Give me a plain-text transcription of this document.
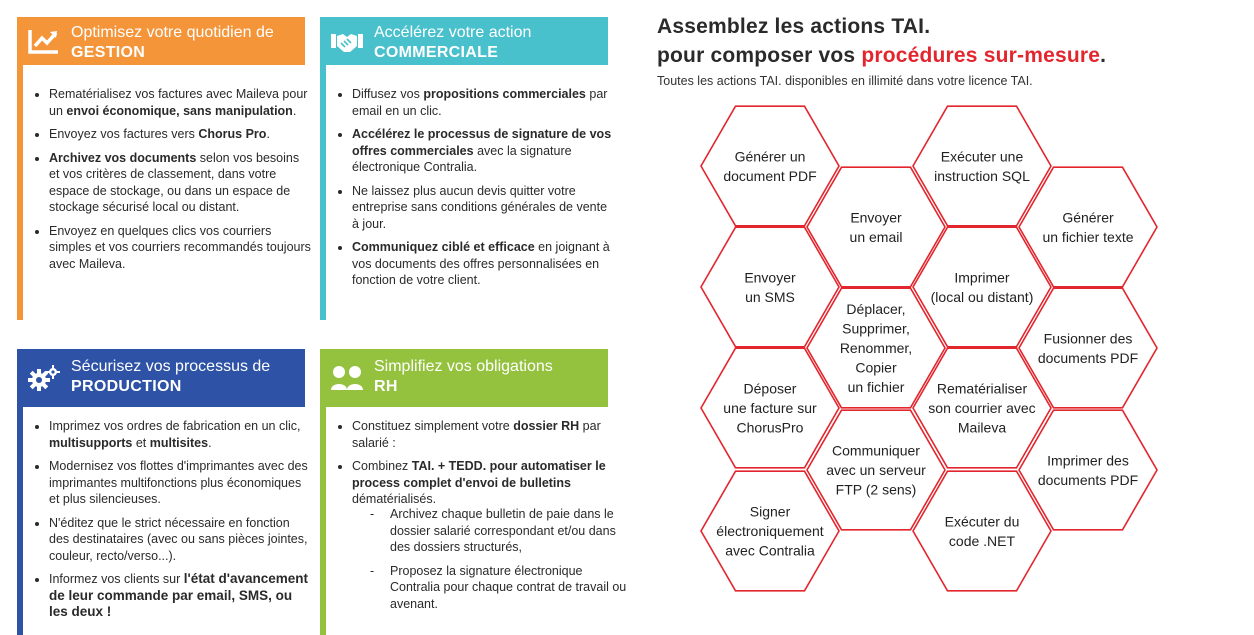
Optimisez votre quotidien de
GESTION
• Rematérialisez vos factures avec Maileva pour un envoi économique, sans manipulation.
• Envoyez vos factures vers Chorus Pro.
• Archivez vos documents selon vos besoins et vos critères de classement, dans votre espace de stockage, ou dans un espace de stockage sécurisé local ou distant.
• Envoyez en quelques clics vos courriers simples et vos courriers recommandés toujours avec Maileva.
Accélérez votre action
COMMERCIALE
• Diffusez vos propositions commerciales par email en un clic.
• Accélérez le processus de signature de vos offres commerciales avec la signature électronique Contralia.
• Ne laissez plus aucun devis quitter votre entreprise sans conditions générales de vente à jour.
• Communiquez ciblé et efficace en joignant à vos documents des offres personnalisées en fonction de votre client.
Sécurisez vos processus de
PRODUCTION
• Imprimez vos ordres de fabrication en un clic, multisupports et multisites.
• Modernisez vos flottes d'imprimantes avec des imprimantes multifonctions plus économiques et plus silencieuses.
• N'éditez que le strict nécessaire en fonction des destinataires (avec ou sans pièces jointes, couleur, recto/verso...).
• Informez vos clients sur l'état d'avancement de leur commande par email, SMS, ou les deux !
Simplifiez vos obligations
RH
• Constituez simplement votre dossier RH par salarié :
- Archivez chaque bulletin de paie dans le dossier salarié correspondant et/ou dans des dossiers structurés,
- Proposez la signature électronique Contralia pour chaque contrat de travail ou avenant.
• Combinez TAI. + TEDD. pour automatiser le process complet d'envoi de bulletins dématérialisés.
Assemblez les actions TAI.
pour composer vos procédures sur-mesure.
Toutes les actions TAI. disponibles en illimité dans votre licence TAI.
Générer un
document PDF
Exécuter une
instruction SQL
Envoyer
un email
Générer
un fichier texte
Envoyer
un SMS
Imprimer
(local ou distant)
Déplacer,
Supprimer,
Renommer,
Copier
un fichier
Fusionner des
documents PDF
Déposer
une facture sur
ChorusPro
Rematérialiser
son courrier avec
Maileva
Communiquer
avec un serveur
FTP (2 sens)
Imprimer des
documents PDF
Signer
électroniquement
avec Contralia
Exécuter du
code .NET
